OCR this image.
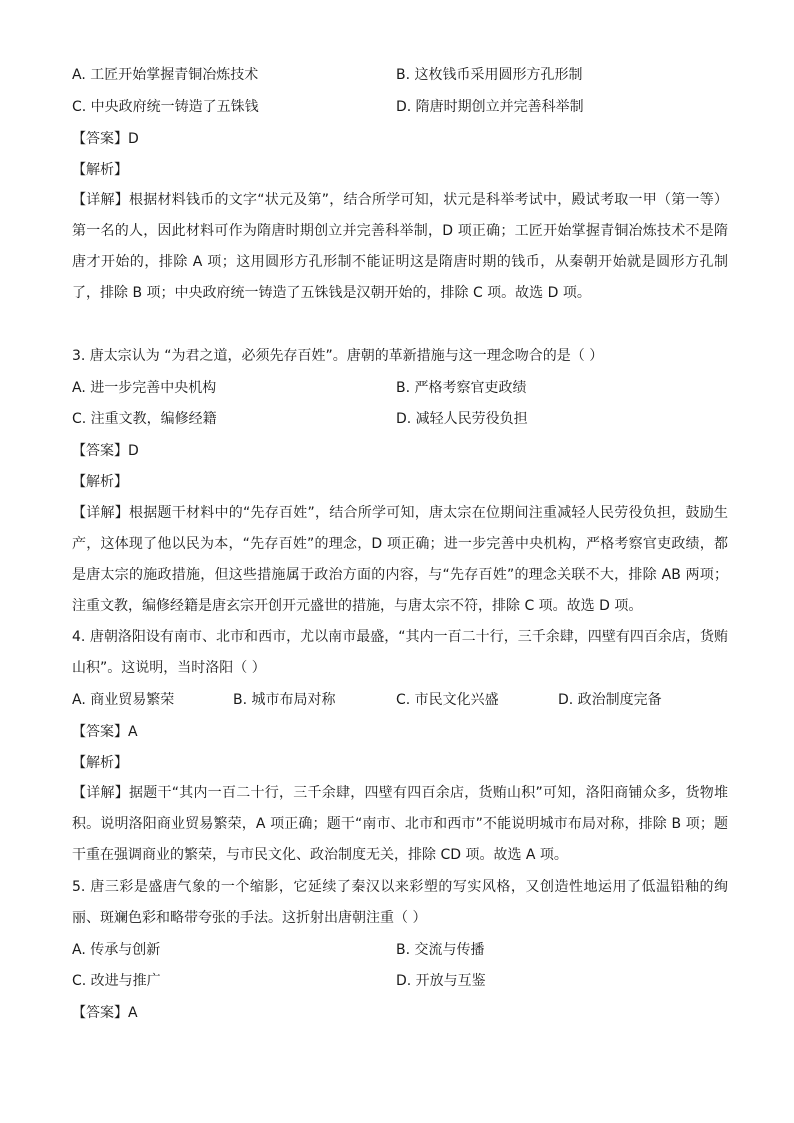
A. 工匠开始掌握青铜冶炼技术	B. 这枚钱币采用圆形方孔形制
C. 中央政府统一铸造了五铢钱	D. 隋唐时期创立并完善科举制
【答案】D
【解析】
【详解】根据材料钱币的文字“状元及第”，结合所学可知，状元是科举考试中，殿试考取一甲（第一等）第一名的人，因此材料可作为隋唐时期创立并完善科举制，D 项正确；工匠开始掌握青铜冶炼技术不是隋唐才开始的，排除 A 项；这用圆形方孔形制不能证明这是隋唐时期的钱币，从秦朝开始就是圆形方孔制了，排除 B 项；中央政府统一铸造了五铢钱是汉朝开始的，排除 C 项。故选 D 项。
3. 唐太宗认为 “为君之道，必须先存百姓”。唐朝的革新措施与这一理念吻合的是（ ）
A. 进一步完善中央机构	B. 严格考察官吏政绩
C. 注重文教，编修经籍	D. 减轻人民劳役负担
【答案】D
【解析】
【详解】根据题干材料中的“先存百姓”，结合所学可知，唐太宗在位期间注重减轻人民劳役负担，鼓励生产，这体现了他以民为本，“先存百姓”的理念，D 项正确；进一步完善中央机构，严格考察官吏政绩，都是唐太宗的施政措施，但这些措施属于政治方面的内容，与“先存百姓”的理念关联不大，排除 AB 两项；注重文教，编修经籍是唐玄宗开创开元盛世的措施，与唐太宗不符，排除 C 项。故选 D 项。
4. 唐朝洛阳设有南市、北市和西市，尤以南市最盛，“其内一百二十行，三千余肆，四壁有四百余店，货贿山积”。这说明，当时洛阳（ ）
A. 商业贸易繁荣	B. 城市布局对称	C. 市民文化兴盛	D. 政治制度完备
【答案】A
【解析】
【详解】据题干“其内一百二十行，三千余肆，四壁有四百余店，货贿山积”可知，洛阳商铺众多，货物堆积。说明洛阳商业贸易繁荣，A 项正确；题干“南市、北市和西市”不能说明城市布局对称，排除 B 项；题干重在强调商业的繁荣，与市民文化、政治制度无关，排除 CD 项。故选 A 项。
5. 唐三彩是盛唐气象的一个缩影，它延续了秦汉以来彩塑的写实风格，又创造性地运用了低温铅釉的绚丽、斑斓色彩和略带夸张的手法。这折射出唐朝注重（ ）
A. 传承与创新	B. 交流与传播
C. 改进与推广	D. 开放与互鉴
【答案】A
